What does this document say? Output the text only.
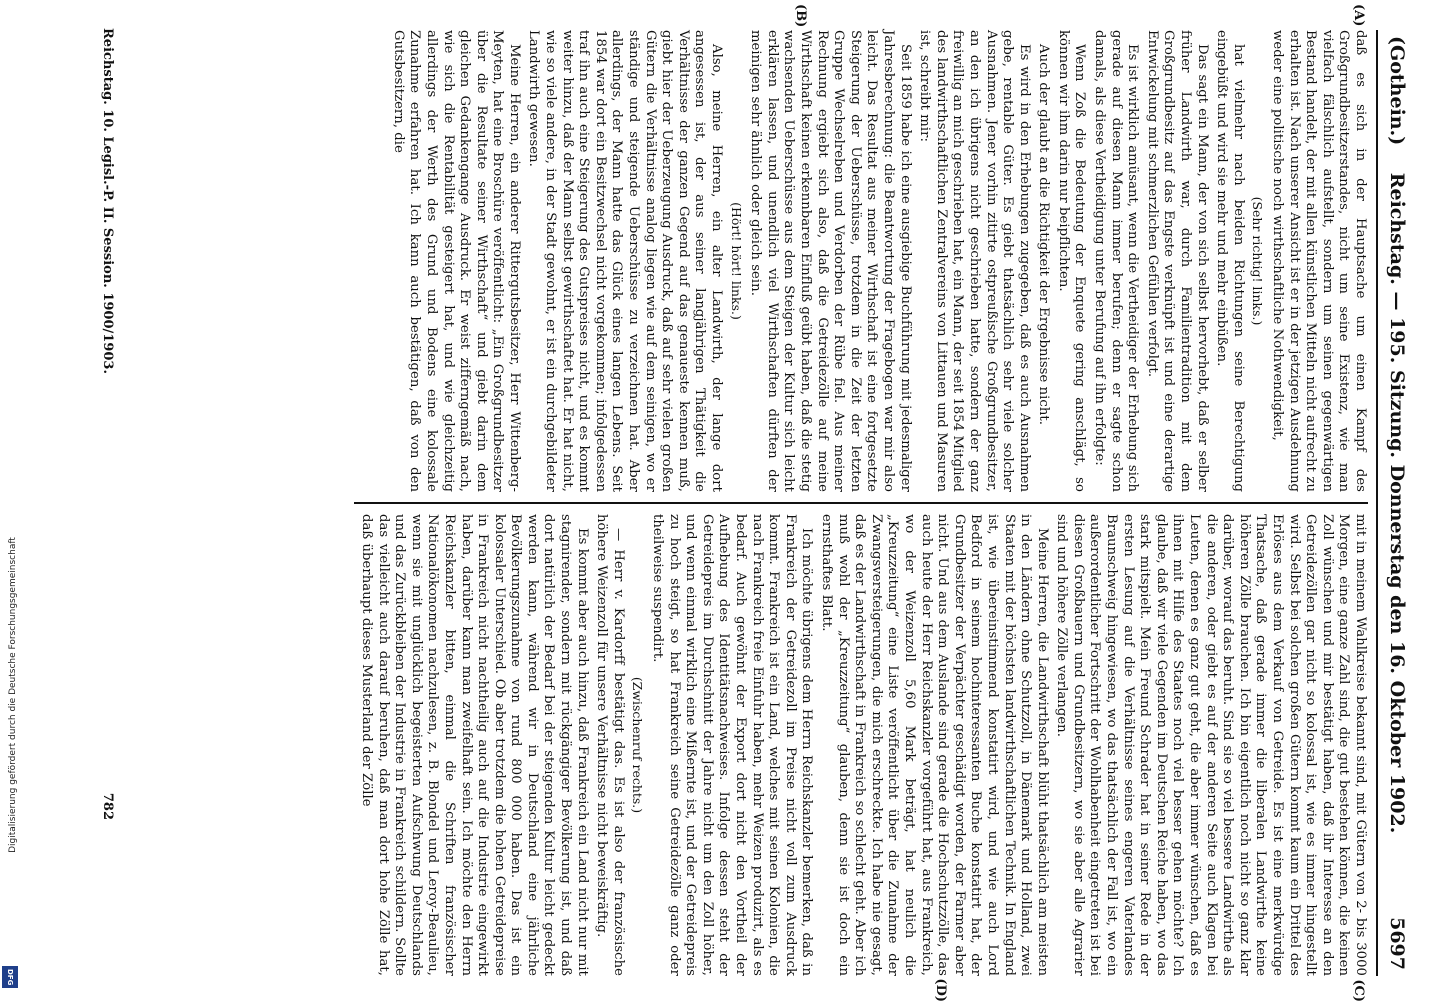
Digitalisierung gefördert durch die Deutsche Forschungsgemeinschaft
DFG
(Gothein.)
Reichstag. — 195. Sitzung. Donnerstag den 16. Oktober 1902.
5697
(A)
(B)

daß es sich in der Hauptsache um einen Kampf des Großgrundbesitzerstandes, nicht um seine Existenz, wie man vielfach fälschlich aufstellt, sondern um seinen gegenwärtigen Bestand handelt, der mit allen künstlichen Mitteln nicht aufrecht zu erhalten ist. Nach unserer Ansicht ist er in der jetzigen Ausdehnung weder eine politische noch wirthschaftliche Nothwendigkeit,

(Sehr richtig! links.)

hat vielmehr nach beiden Richtungen seine Berechtigung eingebüßt und wird sie mehr und mehr einbüßen.

Das sagt ein Mann, der von sich selbst hervorhebt, daß er selber früher Landwirth war, durch Familientradition mit dem Großgrundbesitz auf das Engste verknüpft ist und eine derartige Entwickelung mit schmerzlichen Gefühlen verfolgt.

Es ist wirklich amüsant, wenn die Vertheidiger der Erhebung sich gerade auf diesen Mann immer berufen; denn er sagte schon damals, als diese Vertheidigung unter Berufung auf ihn erfolgte:

Wenn Zoß die Bedeutung der Enquete gering anschlägt, so können wir ihm darin nur beipflichten.

Auch der glaubt an die Richtigkeit der Ergebnisse nicht.

Es wird in den Erhebungen zugegeben, daß es auch Ausnahmen gebe, rentable Güter. Es giebt thatsächlich sehr viele solcher Ausnahmen. Jener vorhin zitirte ostpreußische Großgrundbesitzer, an den ich übrigens nicht geschrieben hatte, sondern der ganz freiwillig an mich geschrieben hat, ein Mann, der seit 1854 Mitglied des landwirthschaftlichen Zentralvereins von Littauen und Masuren ist, schreibt mir:

Seit 1859 habe ich eine ausgiebige Buchführung mit jedesmaliger Jahresberechnung: die Beantwortung der Fragebogen war mir also leicht. Das Resultat aus meiner Wirthschaft ist eine fortgesetzte Steigerung der Ueberschüsse, trotzdem in die Zeit der letzten Gruppe Wechselreben und Verdorben der Rübe fiel. Aus meiner Rechnung ergiebt sich also, daß die Getreidezölle auf meine Wirthschaft keinen erkennbaren Einfluß geübt haben, daß die stetig wachsenden Ueberschüsse aus dem Steigen der Kultur sich leicht erklären lassen, und unendlich viel Wirthschaften dürften der meinigen sehr ähnlich oder gleich sein.

(Hört! hört! links.)

Also, meine Herren, ein alter Landwirth, der lange dort angesessen ist, der aus seiner langjährigen Thätigkeit die Verhältnisse der ganzen Gegend auf das genaueste kennen muß, giebt hier der Ueberzeugung Ausdruck, daß auf sehr vielen großen Gütern die Verhältnisse analog liegen wie auf dem seinigen, wo er ständige und steigende Ueberschüsse zu verzeichnen hat. Aber allerdings, der Mann hatte das Glück eines langen Lebens. Seit 1854 war dort ein Besitzwechsel nicht vorgekommen; infolgedessen traf ihn auch eine Steigerung des Gutspreises nicht, und es kommt weiter hinzu, daß der Mann selbst gewirthschaftet hat. Er hat nicht, wie so viele andere, in der Stadt gewohnt, er ist ein durchgebildeter Landwirth gewesen.

Meine Herren, ein anderer Rittergutsbesitzer, Herr Wittenberg-Meyten, hat eine Broschüre veröffentlicht: „Ein Großgrundbesitzer über die Resultate seiner Wirthschaft“ und giebt darin dem gleichen Gedankengange Ausdruck. Er weist zifferngemäß nach, wie sich die Rentabilität gesteigert hat, und wie gleichzeitig allerdings der Werth des Grund und Bodens eine kolossale Zunahme erfahren hat. Ich kann auch bestätigen, daß von den Gutsbesitzern, die

(C)
(D)

mit in meinem Wahlkreise bekannt sind, mit Gütern von 2- bis 3000 Morgen, eine ganze Zahl sind, die gut bestehen können, die keinen Zoll wünschen und mir bestätigt haben, daß ihr Interesse an den Getreidezöllen gar nicht so kolossal ist, wie es immer hingestellt wird. Selbst bei solchen großen Gütern kommt kaum ein Drittel des Erlöses aus dem Verkauf von Getreide. Es ist eine merkwürdige Thatsache, daß gerade immer die liberalen Landwirthe keine höheren Zölle brauchen. Ich bin eigentlich noch nicht so ganz klar darüber, worauf das beruht. Sind sie so viel bessere Landwirthe als die anderen, oder giebt es auf der anderen Seite auch Klagen bei Leuten, denen es ganz gut geht, die aber immer wünschen, daß es ihnen mit Hilfe des Staates noch viel besser gehen möchte? Ich glaube, daß wir viele Gegenden im Deutschen Reiche haben, wo das stark mitspielt. Mein Freund Schrader hat in seiner Rede in der ersten Lesung auf die Verhältnisse seines engeren Vaterlandes Braunschweig hingewiesen, wo das thatsächlich der Fall ist, wo ein außerordentlicher Fortschritt der Wohlhabenheit eingetreten ist bei diesen Großbauern und Grundbesitzern, wo sie aber alle Agrarier sind und höhere Zölle verlangen.

Meine Herren, die Landwirthschaft blüht thatsächlich am meisten in den Ländern ohne Schutzzoll, in Dänemark und Holland, zwei Staaten mit der höchsten landwirthschaftlichen Technik. In England ist, wie übereinstimmend konstatirt wird, und wie auch Lord Bedford in seinem hochinteressanten Buche konstatirt hat, der Grundbesitzer der Verpächter geschädigt worden, der Farmer aber nicht. Und aus dem Auslande sind gerade die Hochschutzzölle, das auch heute der Herr Reichskanzler vorgeführt hat, aus Frankreich, wo der Weizenzoll 5,60 Mark beträgt, hat neulich die „Kreuzzeitung“ eine Liste veröffentlicht über die Zunahme der Zwangsversteigerungen, die mich erschreckte. Ich habe nie gesagt, daß es der Landwirthschaft in Frankreich so schlecht geht. Aber ich muß wohl der „Kreuzzeitung“ glauben, denn sie ist doch ein ernsthaftes Blatt.

Ich möchte übrigens dem Herrn Reichskanzler bemerken, daß in Frankreich der Getreidezoll im Preise nicht voll zum Ausdruck kommt. Frankreich ist ein Land, welches mit seinen Kolonien, die nach Frankreich freie Einfuhr haben, mehr Weizen produzirt, als es bedarf. Auch gewöhnt der Export dort nicht den Vortheil der Aufhebung des Identitätsnachweises. Infolge dessen steht der Getreidepreis im Durchschnitt der Jahre nicht um den Zoll höher, und wenn einmal wirklich eine Mißernte ist, und der Getreidepreis zu hoch steigt, so hat Frankreich seine Getreidezölle ganz oder theilweise suspendirt.

(Zwischenruf rechts.)

— Herr v. Kardorff bestätigt das. Es ist also der französische höhere Weizenzoll für unsere Verhältnisse nicht beweiskräftig.

Es kommt aber auch hinzu, daß Frankreich ein Land nicht nur mit stagnirender, sondern mit rückgängiger Bevölkerung ist, und daß dort natürlich der Bedarf bei der steigenden Kultur leicht gedeckt werden kann, während wir in Deutschland eine jährliche Bevölkerungszunahme von rund 800 000 haben. Das ist ein kolossaler Unterschied. Ob aber trotzdem die hohen Getreidepreise in Frankreich nicht nachtheilig auch auf die Industrie eingewirkt haben, darüber kann man zweifelhaft sein. Ich möchte den Herrn Reichskanzler bitten, einmal die Schriften französischer Nationalökonomen nachzulesen, z. B. Blondel und Leroy-Beaulieu, wenn sie mit unglücklich begeisterten Aufschwung Deutschlands und das Zurückbleiben der Industrie in Frankreich schildern. Sollte das vielleicht auch darauf beruhen, daß man dort hohe Zölle hat, daß überhaupt dieses Musterland der Zölle

Reichstag. 10. Legisl.-P. II. Session. 1900/1903.
782
